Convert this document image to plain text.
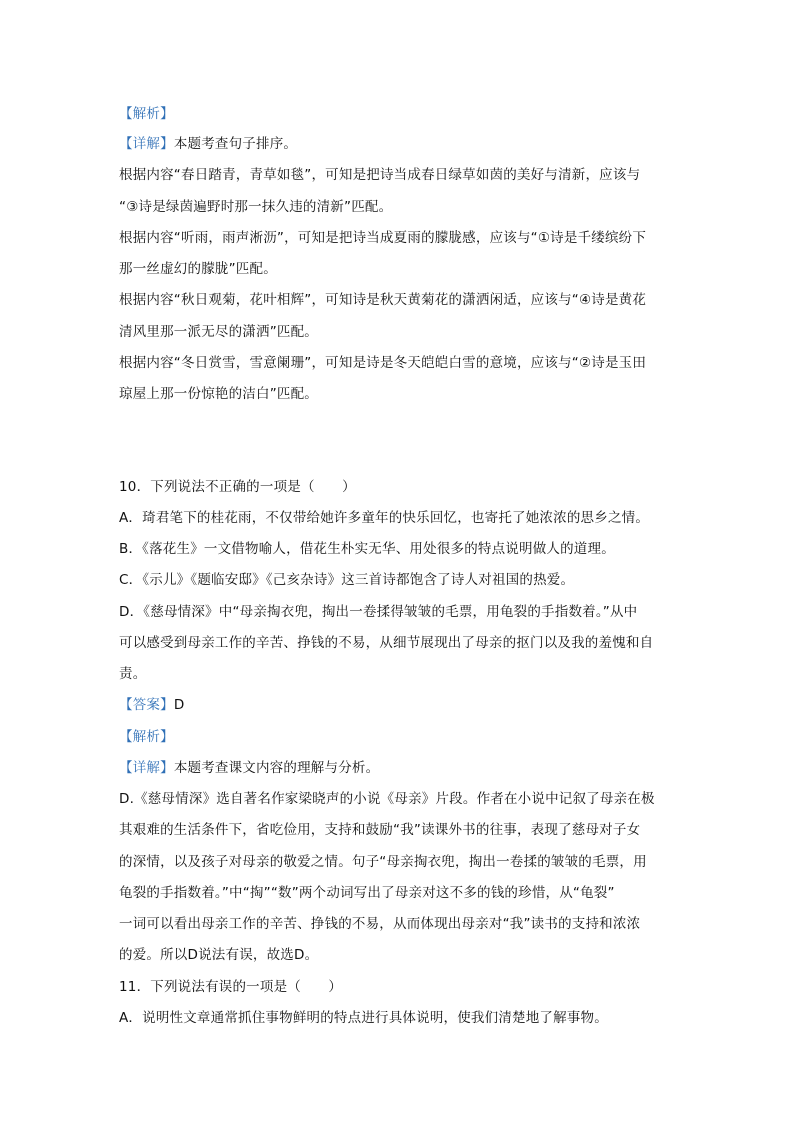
【解析】
【详解】本题考查句子排序。
根据内容“春日踏青，青草如毯”，可知是把诗当成春日绿草如茵的美好与清新，应该与
“③诗是绿茵遍野时那一抹久违的清新”匹配。
根据内容“听雨，雨声淅沥”，可知是把诗当成夏雨的朦胧感，应该与“①诗是千缕缤纷下
那一丝虚幻的朦胧”匹配。
根据内容“秋日观菊，花叶相辉”，可知诗是秋天黄菊花的潇洒闲适，应该与“④诗是黄花
清风里那一派无尽的潇洒”匹配。
根据内容“冬日赏雪，雪意阑珊”，可知是诗是冬天皑皑白雪的意境，应该与“②诗是玉田
琼屋上那一份惊艳的洁白”匹配。
10．下列说法不正确的一项是（　　）
A．琦君笔下的桂花雨，不仅带给她许多童年的快乐回忆，也寄托了她浓浓的思乡之情。
B．《落花生》一文借物喻人，借花生朴实无华、用处很多的特点说明做人的道理。
C．《示儿》《题临安邸》《己亥杂诗》这三首诗都饱含了诗人对祖国的热爱。
D．《慈母情深》中“母亲掏衣兜，掏出一卷揉得皱皱的毛票，用龟裂的手指数着。”从中
可以感受到母亲工作的辛苦、挣钱的不易，从细节展现出了母亲的抠门以及我的羞愧和自
责。
【答案】D
【解析】
【详解】本题考查课文内容的理解与分析。
D.《慈母情深》选自著名作家梁晓声的小说《母亲》片段。作者在小说中记叙了母亲在极
其艰难的生活条件下，省吃俭用，支持和鼓励“我”读课外书的往事，表现了慈母对子女
的深情，以及孩子对母亲的敬爱之情。句子“母亲掏衣兜，掏出一卷揉的皱皱的毛票，用
龟裂的手指数着。”中“掏”“数”两个动词写出了母亲对这不多的钱的珍惜，从“龟裂”
一词可以看出母亲工作的辛苦、挣钱的不易，从而体现出母亲对“我”读书的支持和浓浓
的爱。所以D说法有误，故选D。
11．下列说法有误的一项是（　　）
A．说明性文章通常抓住事物鲜明的特点进行具体说明，使我们清楚地了解事物。
